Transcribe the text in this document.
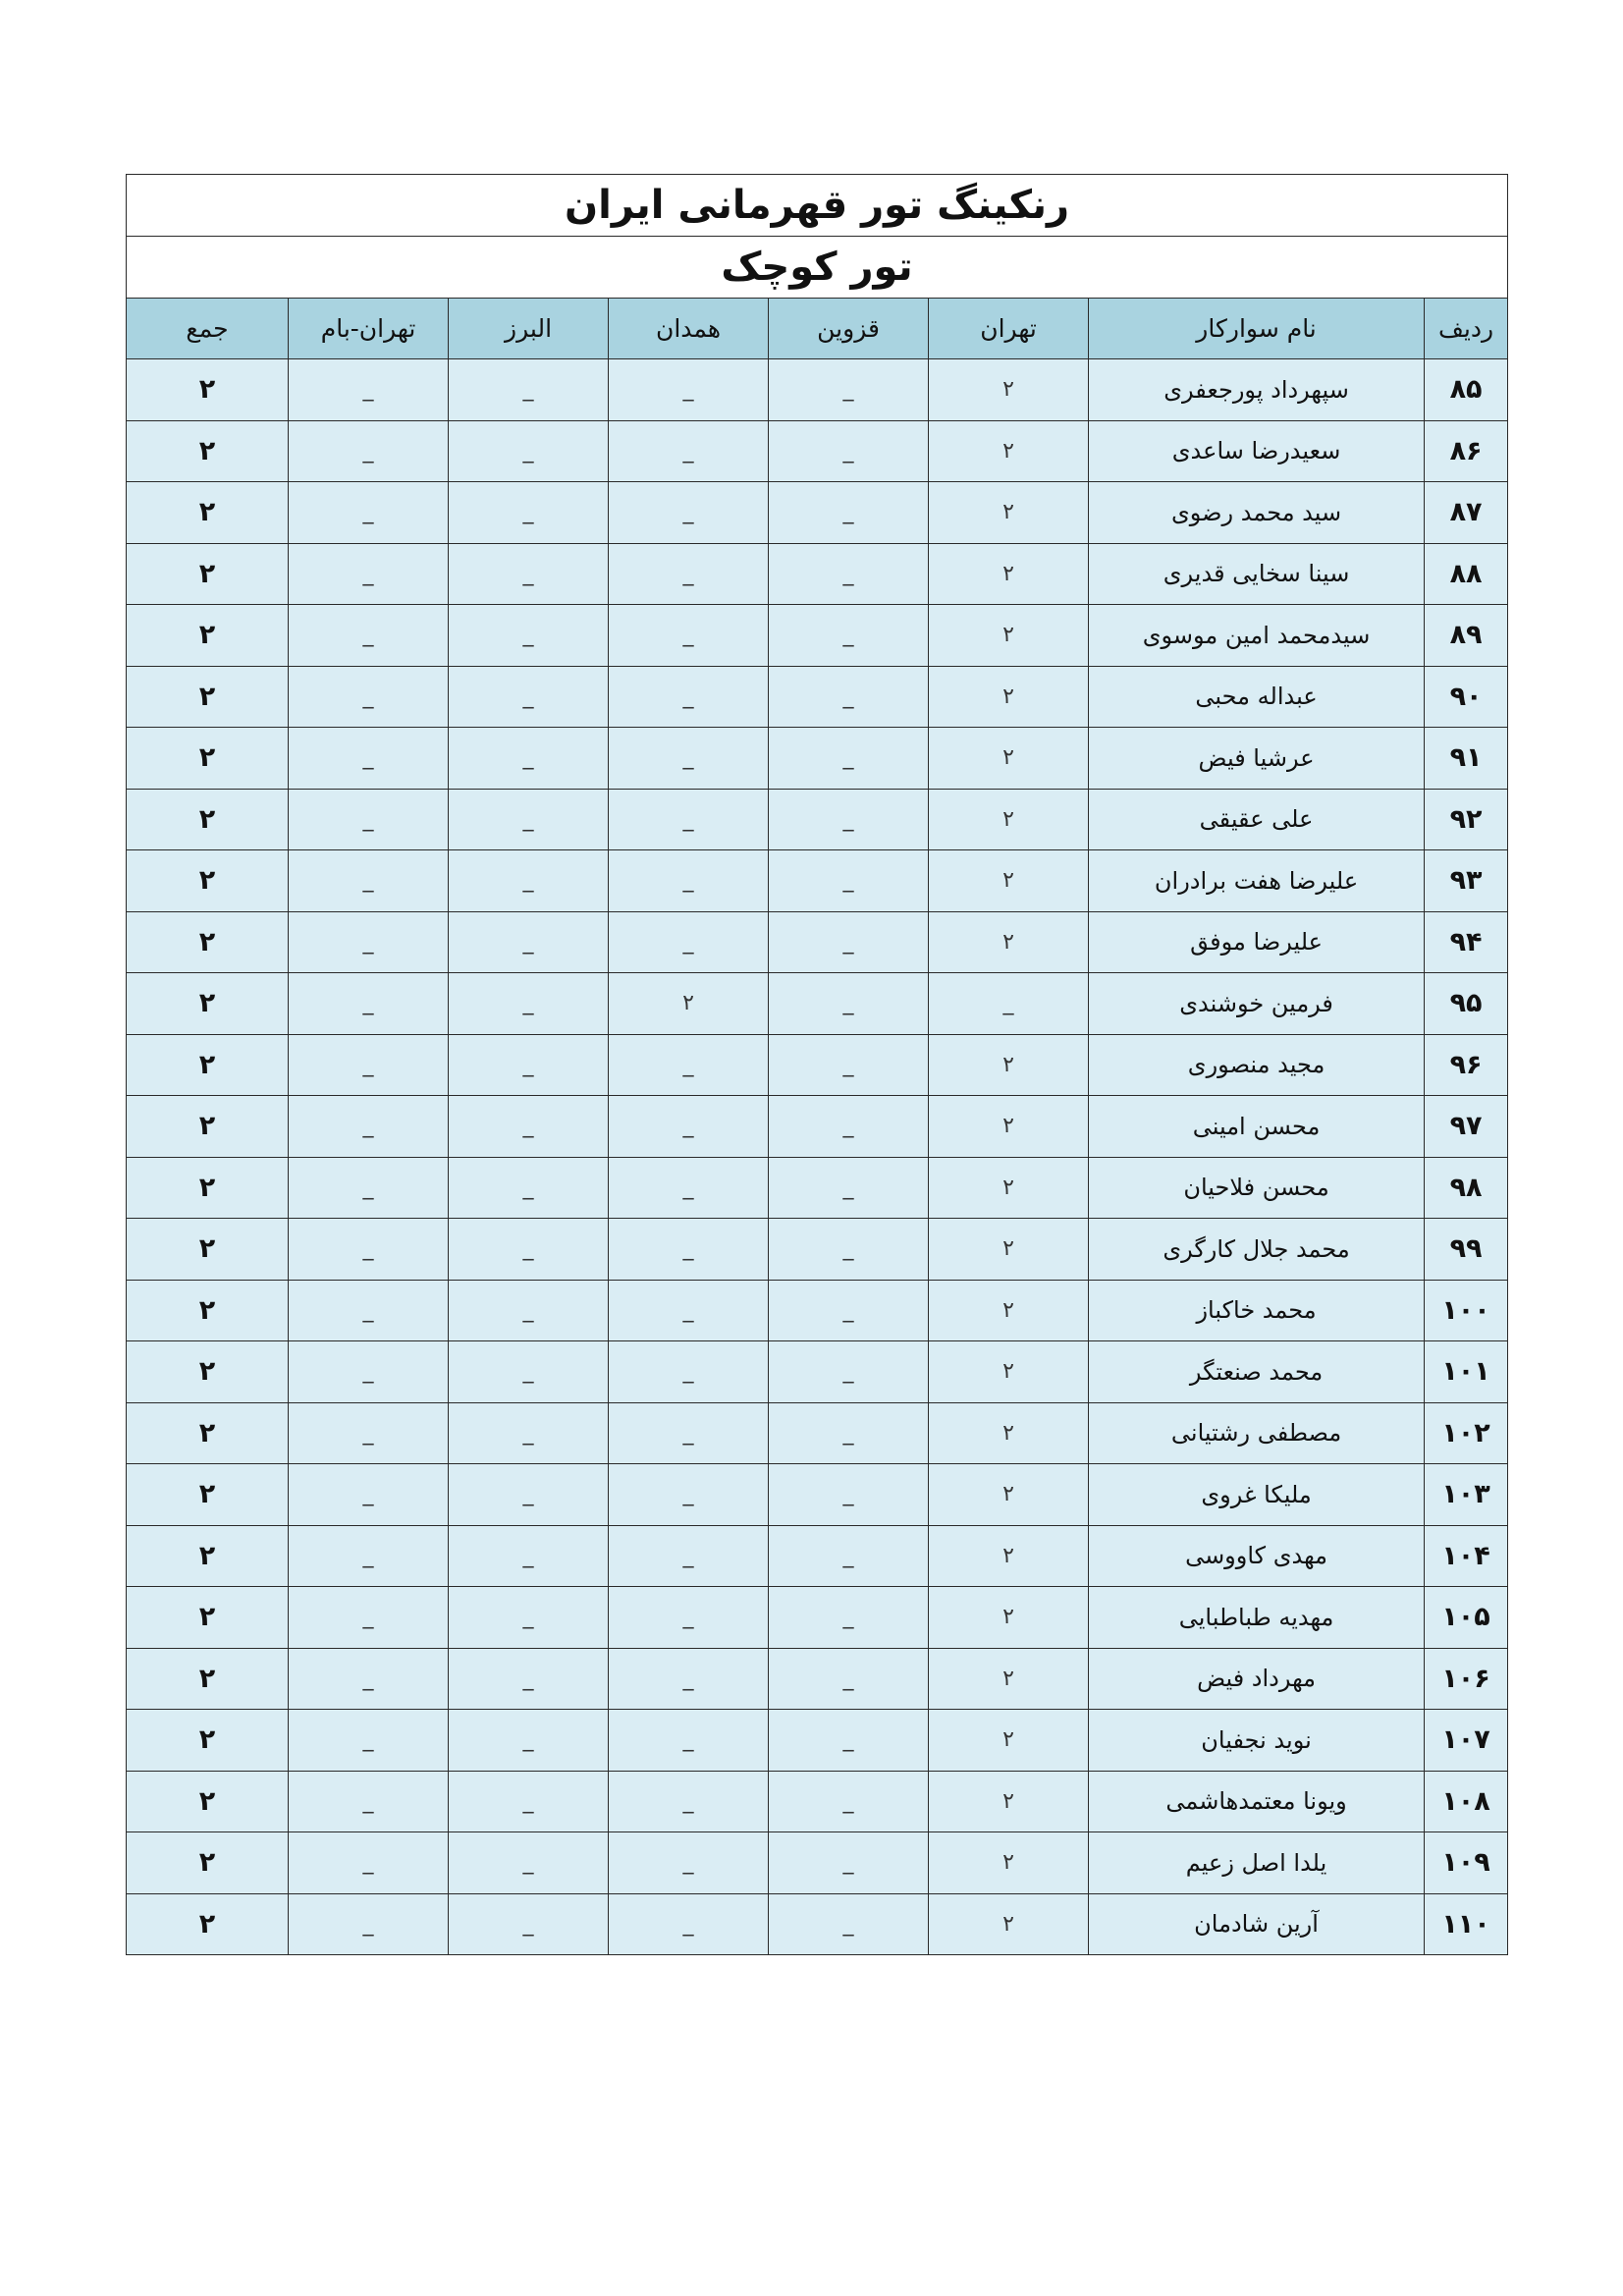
رنکینگ تور قهرمانی ایران							
تور کوچک							
ردیف	نام سوارکار	تهران	قزوین	همدان	البرز	تهران-بام	جمع
۸۵	سپهرداد پورجعفری	۲	_	_	_	_	۲
۸۶	سعیدرضا ساعدی	۲	_	_	_	_	۲
۸۷	سید محمد رضوی	۲	_	_	_	_	۲
۸۸	سینا سخایی قدیری	۲	_	_	_	_	۲
۸۹	سیدمحمد امین موسوی	۲	_	_	_	_	۲
۹۰	عبداله محبی	۲	_	_	_	_	۲
۹۱	عرشیا فیض	۲	_	_	_	_	۲
۹۲	علی عقیقی	۲	_	_	_	_	۲
۹۳	علیرضا هفت برادران	۲	_	_	_	_	۲
۹۴	علیرضا موفق	۲	_	_	_	_	۲
۹۵	فرمین خوشندی	_	_	۲	_	_	۲
۹۶	مجید منصوری	۲	_	_	_	_	۲
۹۷	محسن امینی	۲	_	_	_	_	۲
۹۸	محسن فلاحیان	۲	_	_	_	_	۲
۹۹	محمد جلال کارگری	۲	_	_	_	_	۲
۱۰۰	محمد خاکباز	۲	_	_	_	_	۲
۱۰۱	محمد صنعتگر	۲	_	_	_	_	۲
۱۰۲	مصطفی رشتیانی	۲	_	_	_	_	۲
۱۰۳	ملیکا غروی	۲	_	_	_	_	۲
۱۰۴	مهدی کاووسی	۲	_	_	_	_	۲
۱۰۵	مهدیه طباطبایی	۲	_	_	_	_	۲
۱۰۶	مهرداد فیض	۲	_	_	_	_	۲
۱۰۷	نوید نجفیان	۲	_	_	_	_	۲
۱۰۸	ویونا معتمدهاشمی	۲	_	_	_	_	۲
۱۰۹	یلدا اصل زعیم	۲	_	_	_	_	۲
۱۱۰	آرین شادمان	۲	_	_	_	_	۲
